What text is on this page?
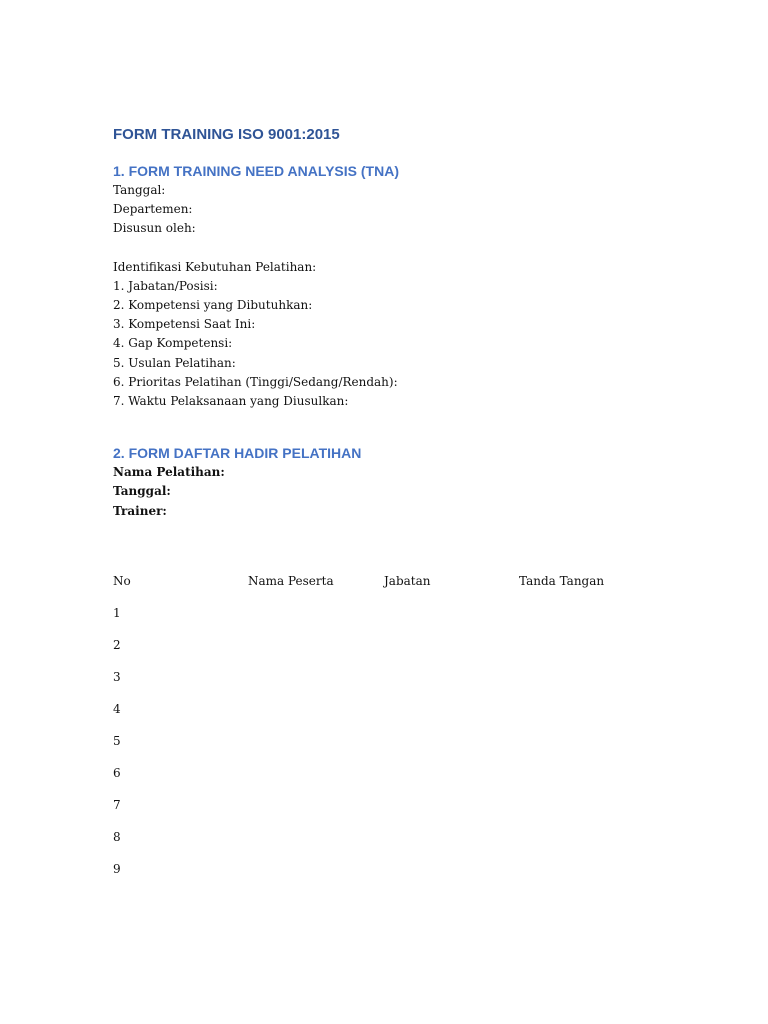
FORM TRAINING ISO 9001:2015
1. FORM TRAINING NEED ANALYSIS (TNA)

Tanggal:

Departemen:

Disusun oleh:

Identifikasi Kebutuhan Pelatihan:

1. Jabatan/Posisi:

2. Kompetensi yang Dibutuhkan:

3. Kompetensi Saat Ini:

4. Gap Kompetensi:

5. Usulan Pelatihan:

6. Prioritas Pelatihan (Tinggi/Sedang/Rendah):

7. Waktu Pelaksanaan yang Diusulkan:

2. FORM DAFTAR HADIR PELATIHAN

Nama Pelatihan:

Tanggal:

Trainer:

No	Nama Peserta	Jabatan	Tanda Tangan
1
2
3
4
5
6
7
8
9
